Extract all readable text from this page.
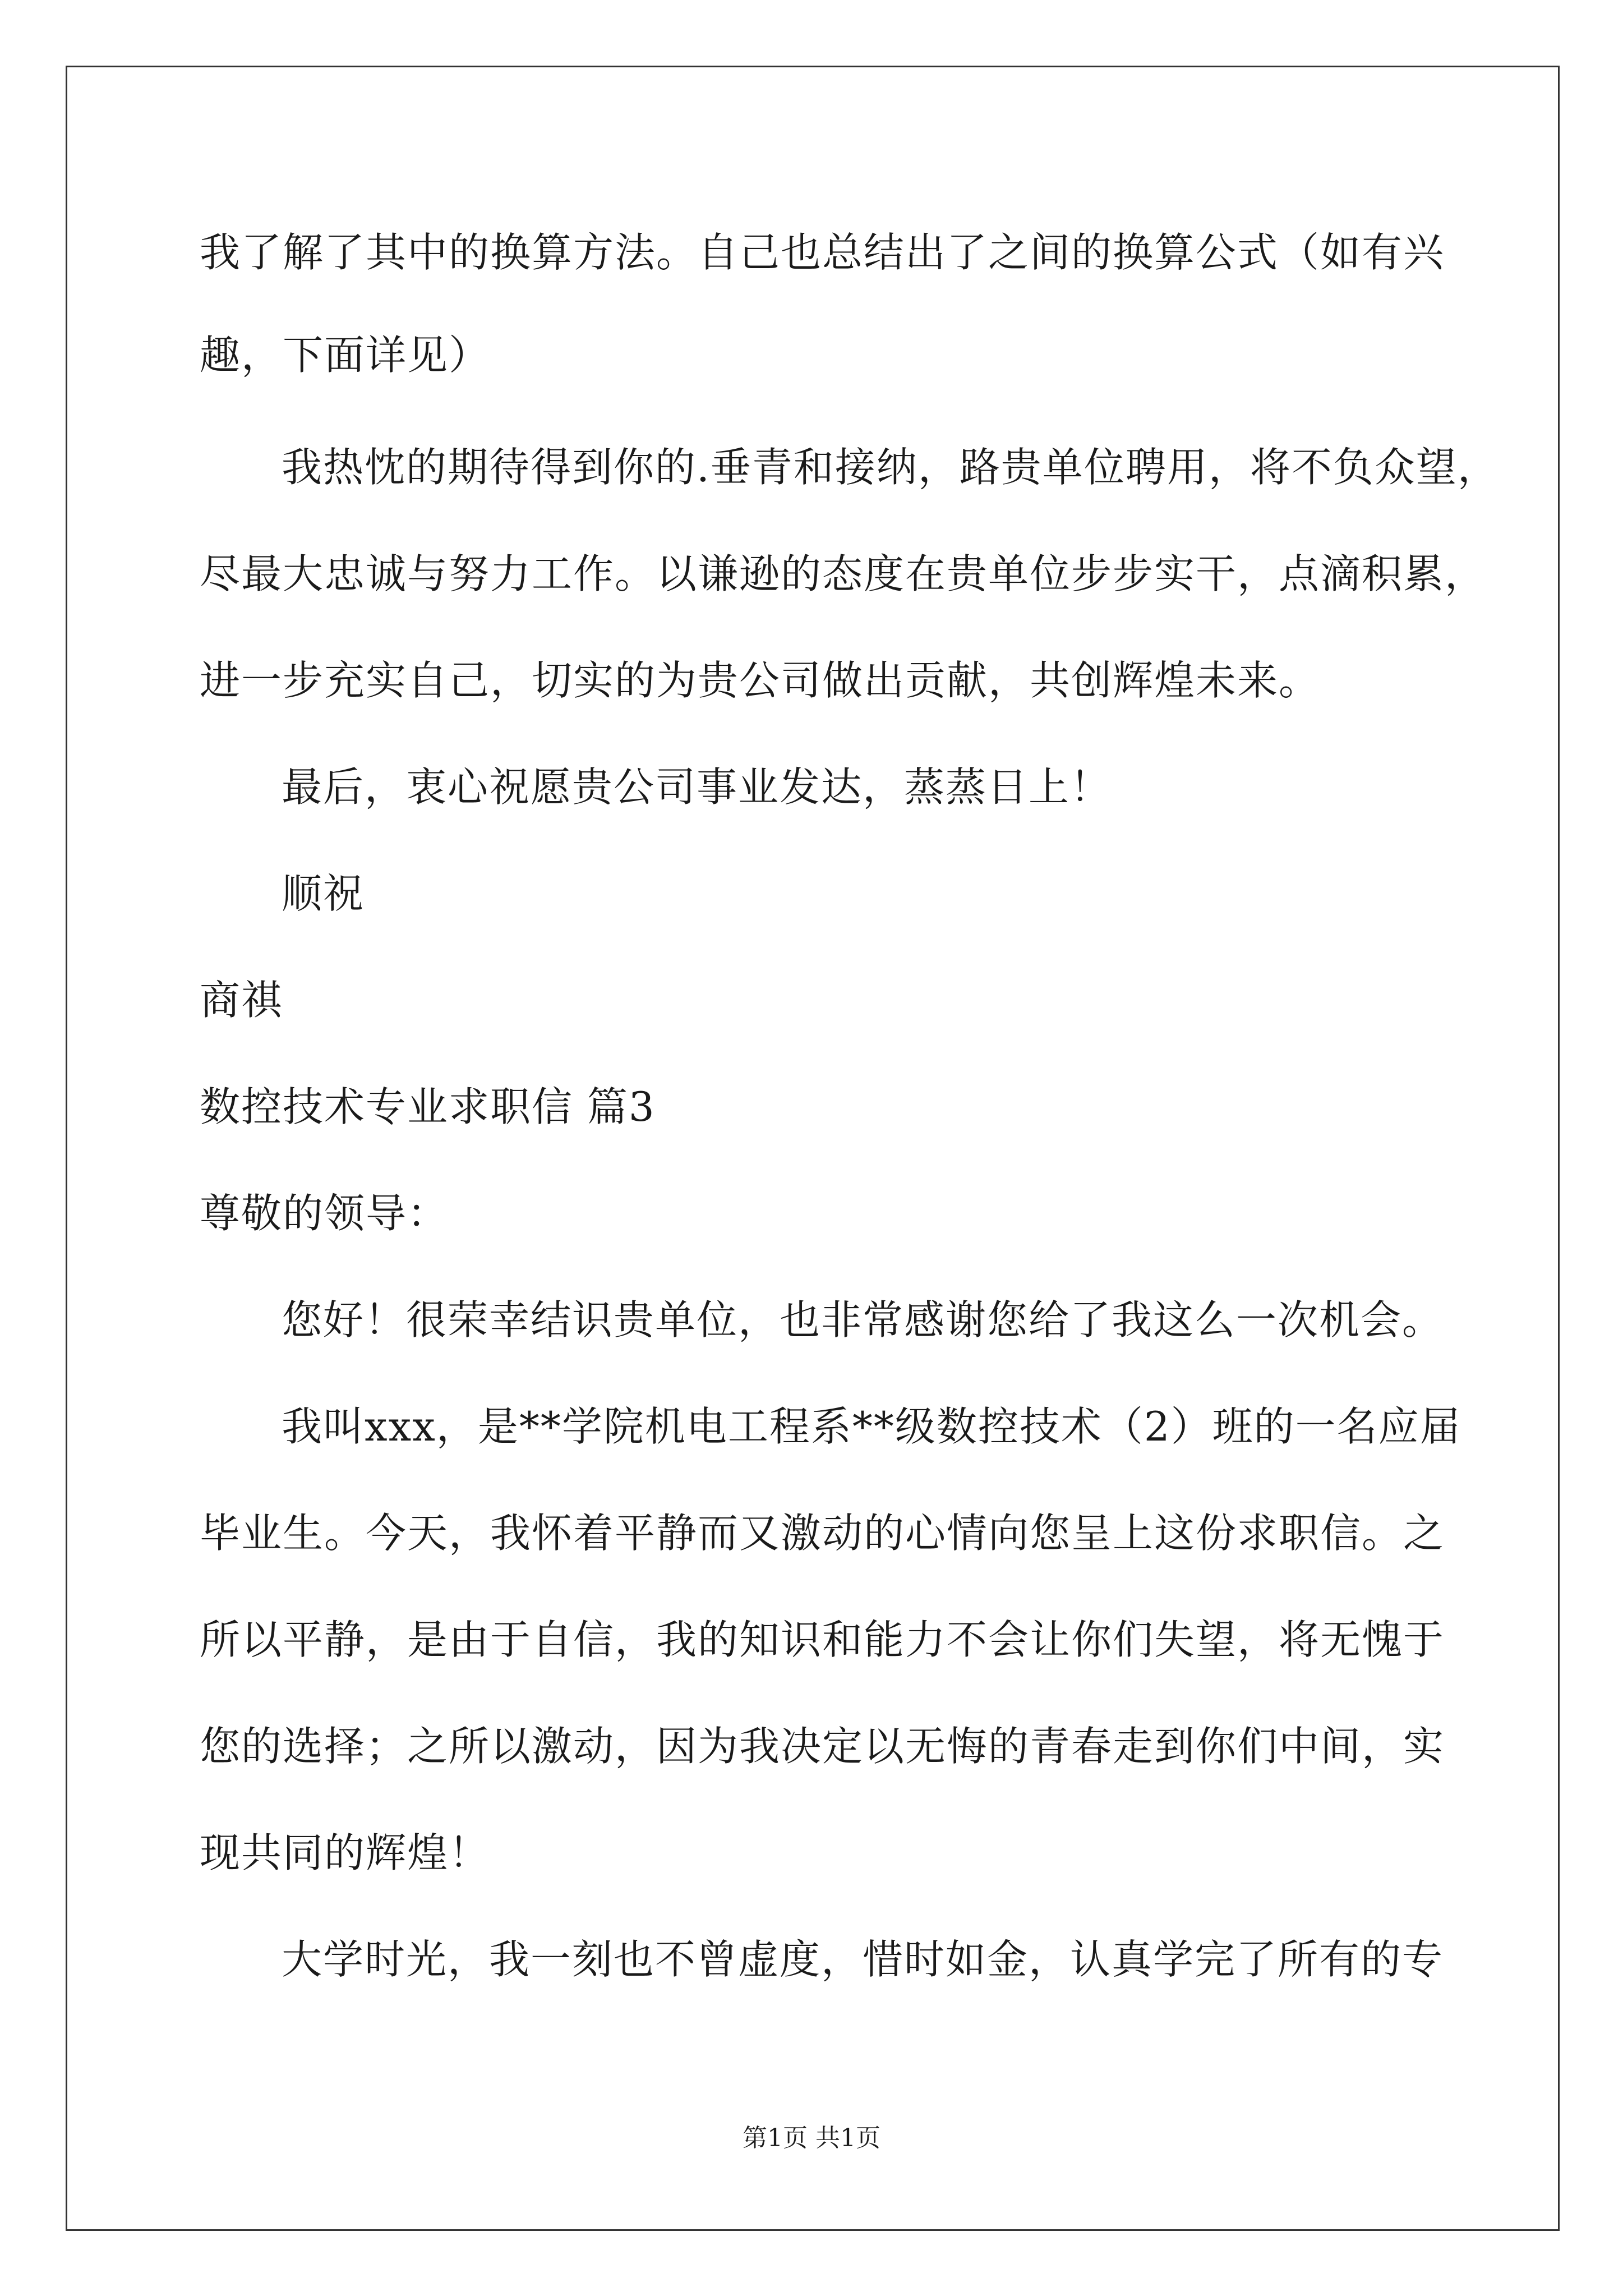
我了解了其中的换算方法。自己也总结出了之间的换算公式（如有兴
趣，下面详见）
我热忱的期待得到你的.垂青和接纳，路贵单位聘用，将不负众望，
尽最大忠诚与努力工作。以谦逊的态度在贵单位步步实干，点滴积累，
进一步充实自己，切实的为贵公司做出贡献，共创辉煌未来。
最后，衷心祝愿贵公司事业发达，蒸蒸日上！
顺祝
商祺
数控技术专业求职信 篇3
尊敬的领导：
您好！很荣幸结识贵单位，也非常感谢您给了我这么一次机会。
我叫xxx，是**学院机电工程系**级数控技术（2）班的一名应届
毕业生。今天，我怀着平静而又激动的心情向您呈上这份求职信。之
所以平静，是由于自信，我的知识和能力不会让你们失望，将无愧于
您的选择；之所以激动，因为我决定以无悔的青春走到你们中间，实
现共同的辉煌！
大学时光，我一刻也不曾虚度，惜时如金，认真学完了所有的专
第1页 共1页
